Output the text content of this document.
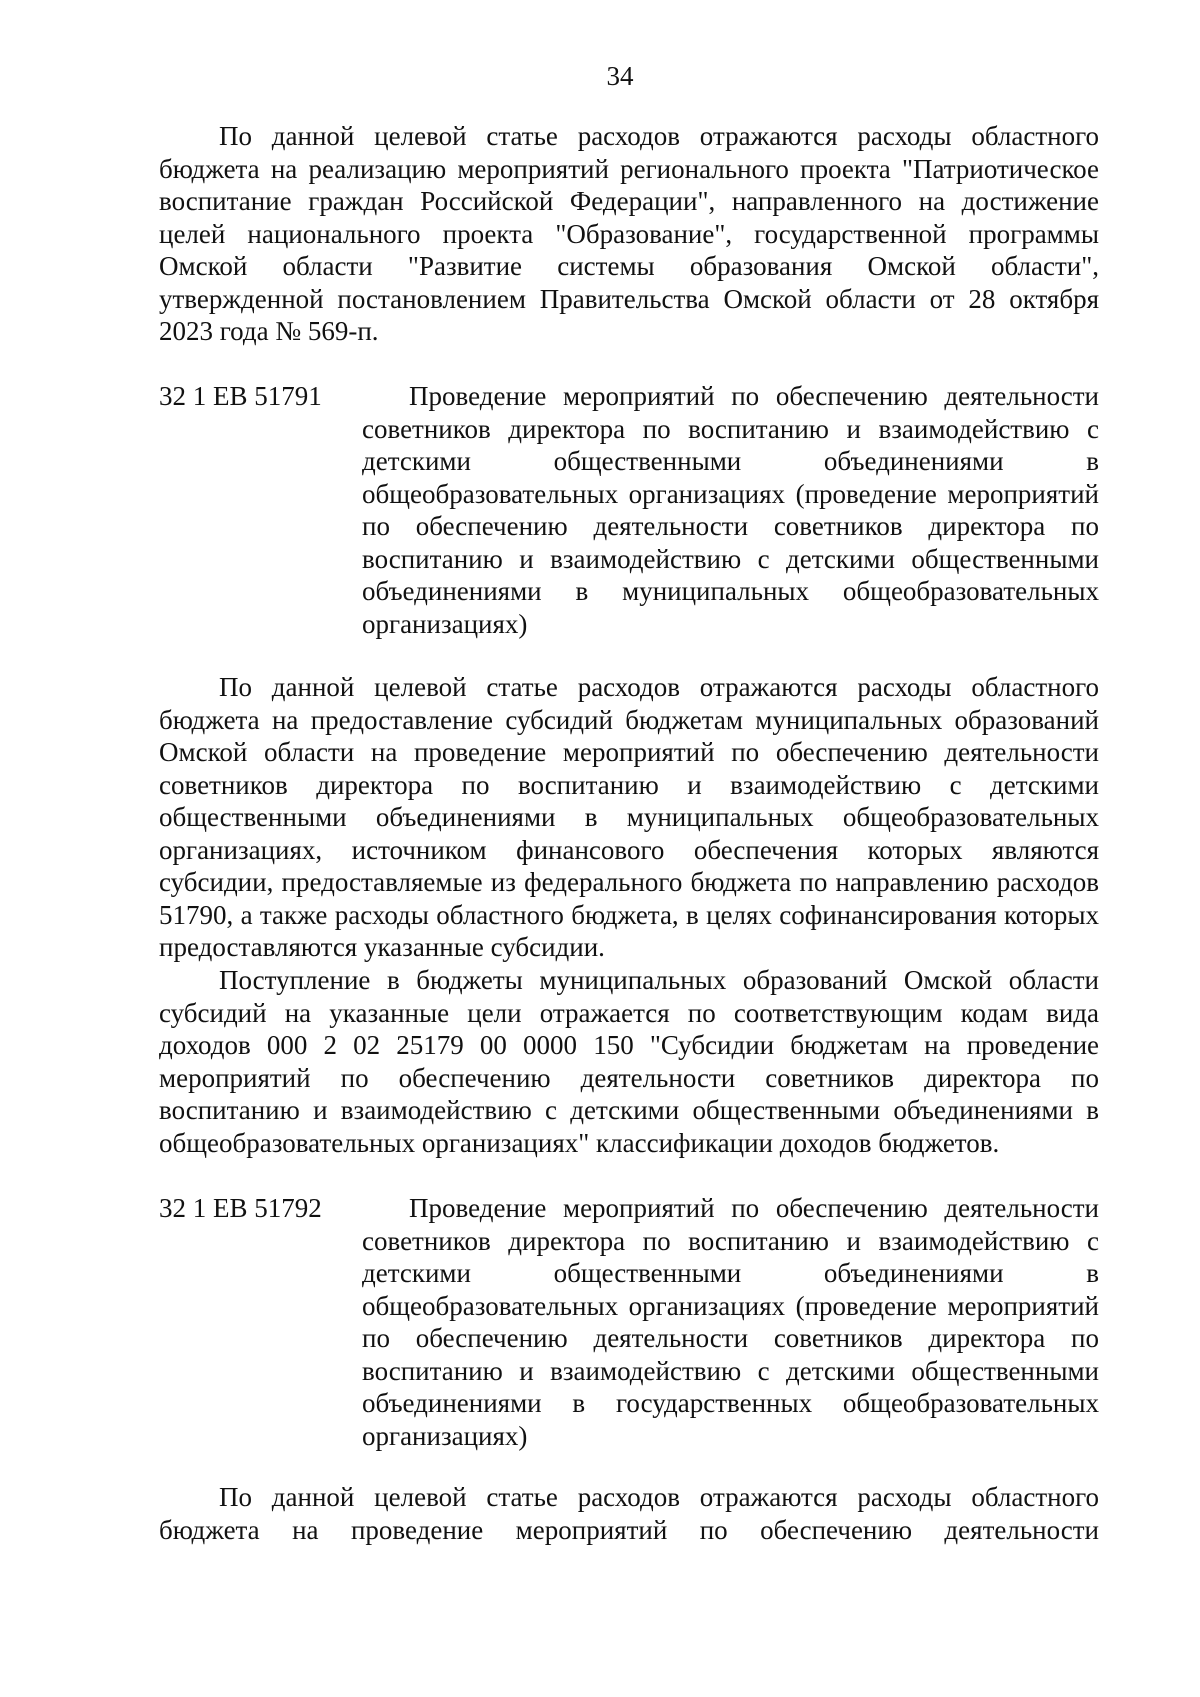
34

По данной целевой статье расходов отражаются расходы областного бюджета на реализацию мероприятий регионального проекта "Патриотическое воспитание граждан Российской Федерации", направленного на достижение целей национального проекта "Образование", государственной программы Омской области "Развитие системы образования Омской области", утвержденной постановлением Правительства Омской области от 28 октября 2023 года № 569-п.

32 1 ЕВ 51791	Проведение мероприятий по обеспечению деятельности советников директора по воспитанию и взаимодействию с детскими общественными объединениями в общеобразовательных организациях (проведение мероприятий по обеспечению деятельности советников директора по воспитанию и взаимодействию с детскими общественными объединениями в муниципальных общеобразовательных организациях)

По данной целевой статье расходов отражаются расходы областного бюджета на предоставление субсидий бюджетам муниципальных образований Омской области на проведение мероприятий по обеспечению деятельности советников директора по воспитанию и взаимодействию с детскими общественными объединениями в муниципальных общеобразовательных организациях, источником финансового обеспечения которых являются субсидии, предоставляемые из федерального бюджета по направлению расходов 51790, а также расходы областного бюджета, в целях софинансирования которых предоставляются указанные субсидии.

Поступление в бюджеты муниципальных образований Омской области субсидий на указанные цели отражается по соответствующим кодам вида доходов 000 2 02 25179 00 0000 150 "Субсидии бюджетам на проведение мероприятий по обеспечению деятельности советников директора по воспитанию и взаимодействию с детскими общественными объединениями в общеобразовательных организациях" классификации доходов бюджетов.

32 1 ЕВ 51792	Проведение мероприятий по обеспечению деятельности советников директора по воспитанию и взаимодействию с детскими общественными объединениями в общеобразовательных организациях (проведение мероприятий по обеспечению деятельности советников директора по воспитанию и взаимодействию с детскими общественными объединениями в государственных общеобразовательных организациях)

По данной целевой статье расходов отражаются расходы областного бюджета на проведение мероприятий по обеспечению деятельности
